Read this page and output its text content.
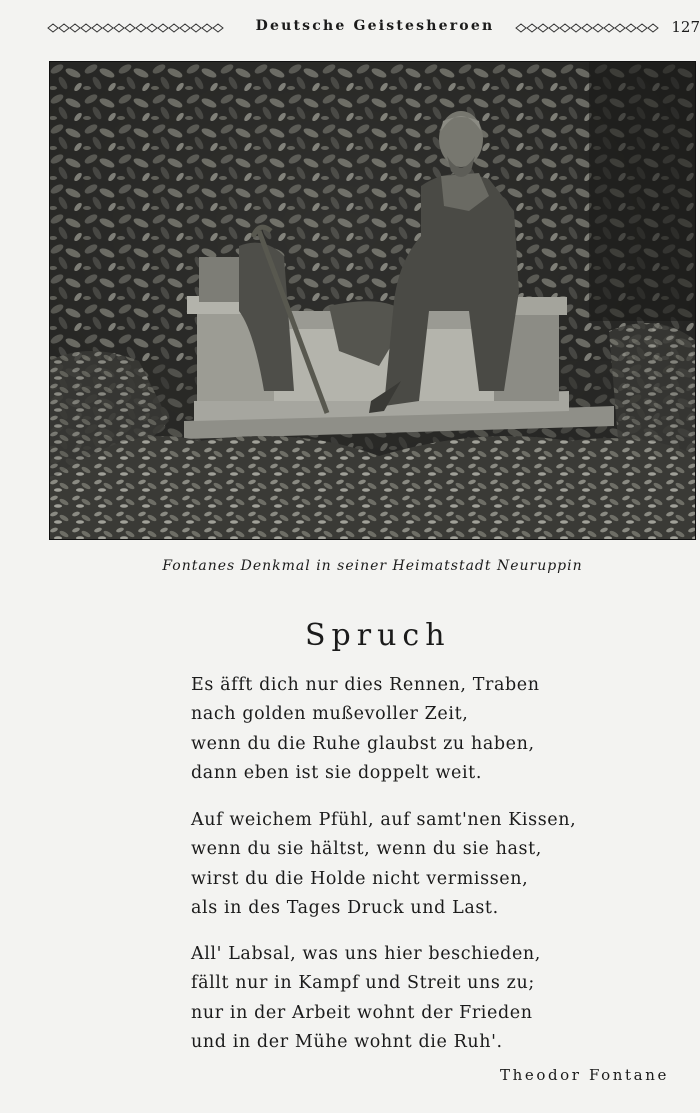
Deutsche Geistesheroen	127
Fontanes Denkmal in seiner Heimatstadt Neuruppin
Spruch
Es äfft dich nur dies Rennen, Traben
nach golden mußevoller Zeit,
wenn du die Ruhe glaubst zu haben,
dann eben ist sie doppelt weit.
Auf weichem Pfühl, auf samt'nen Kissen,
wenn du sie hältst, wenn du sie hast,
wirst du die Holde nicht vermissen,
als in des Tages Druck und Last.
All' Labsal, was uns hier beschieden,
fällt nur in Kampf und Streit uns zu;
nur in der Arbeit wohnt der Frieden
und in der Mühe wohnt die Ruh'.
Theodor Fontane
